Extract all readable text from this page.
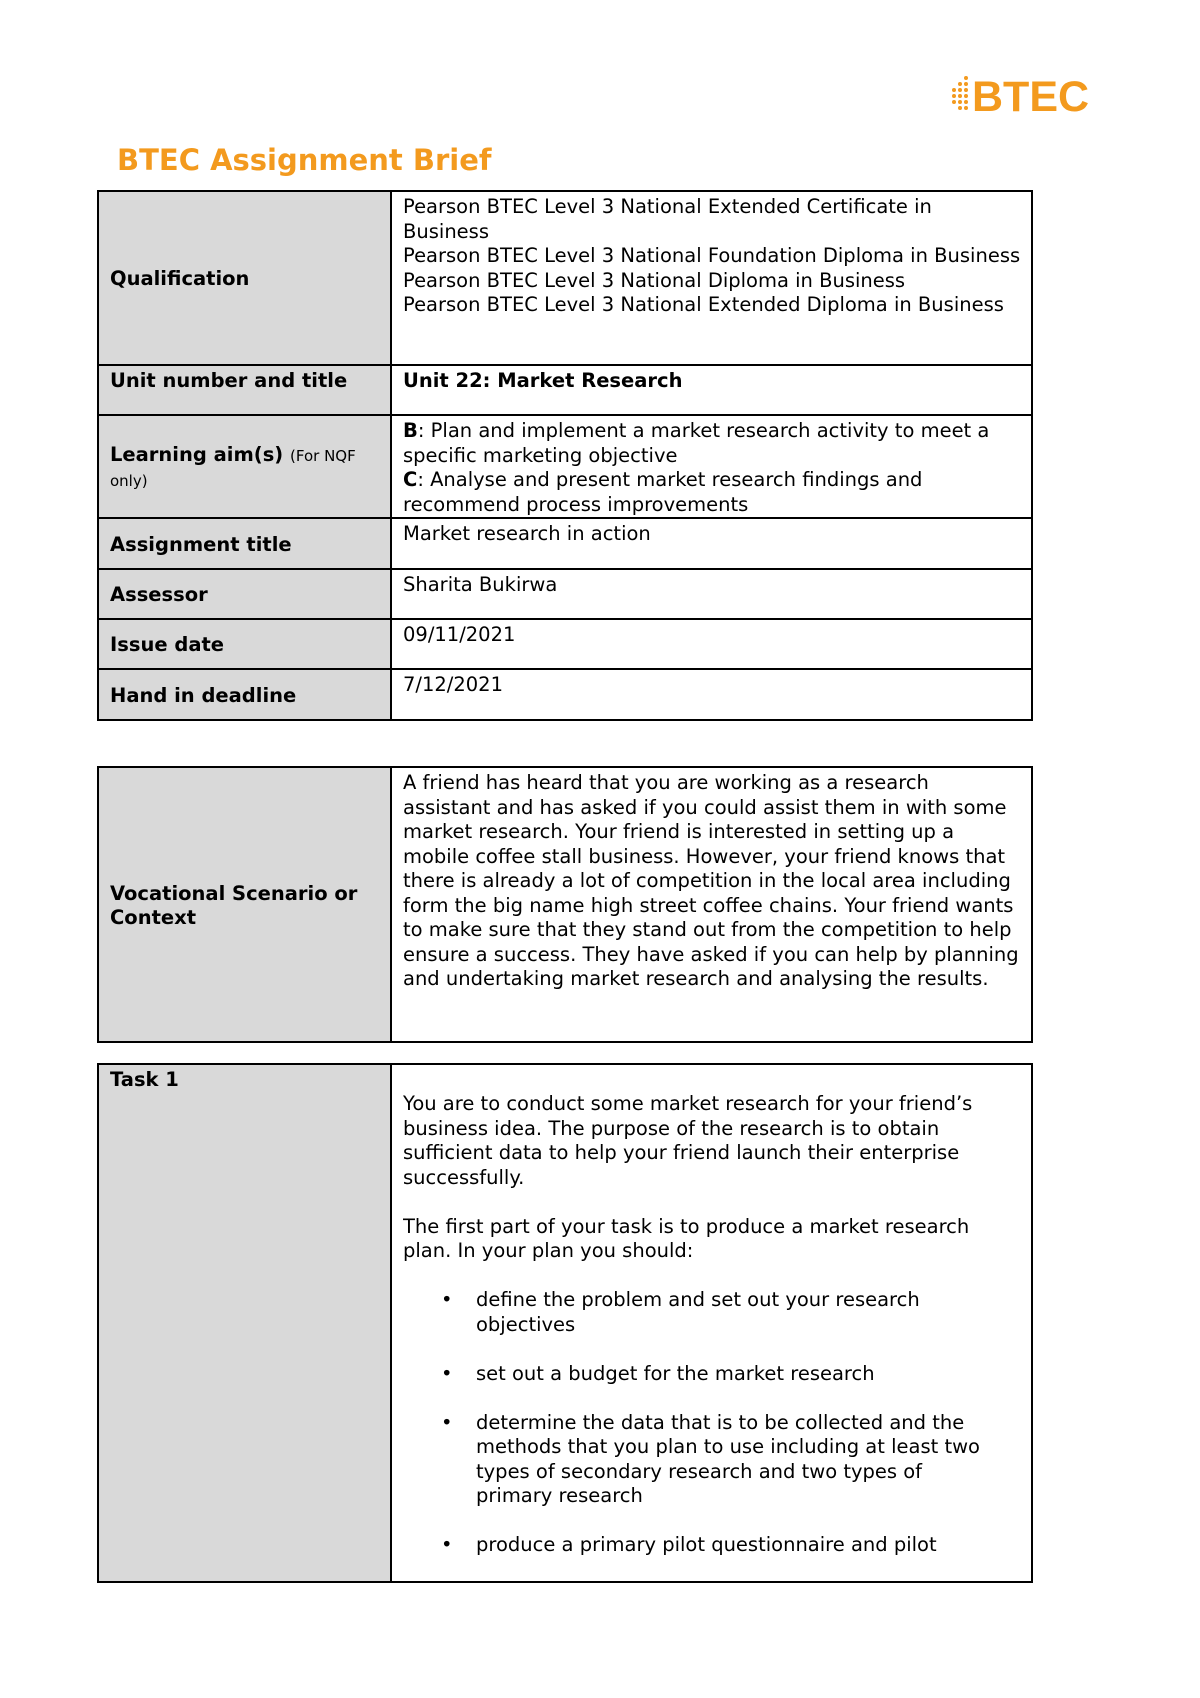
BTEC
BTEC Assignment Brief
Qualification	Pearson BTEC Level 3 National Extended Certificate in Business
Pearson BTEC Level 3 National Foundation Diploma in Business
Pearson BTEC Level 3 National Diploma in Business
Pearson BTEC Level 3 National Extended Diploma in Business

Unit number and title	Unit 22: Market Research
Learning aim(s) (For NQF only)	B: Plan and implement a market research activity to meet a specific marketing objective
C: Analyse and present market research findings and recommend process improvements

Assignment title	Market research in action
Assessor	Sharita Bukirwa
Issue date	09/11/2021
Hand in deadline	7/12/2021
Vocational Scenario or Context	A friend has heard that you are working as a research assistant and has asked if you could assist them in with some market research. Your friend is interested in setting up a mobile coffee stall business. However, your friend knows that there is already a lot of competition in the local area including form the big name high street coffee chains. Your friend wants to make sure that they stand out from the competition to help ensure a success. They have asked if you can help by planning and undertaking market research and analysing the results.
Task 1	
You are to conduct some market research for your friend’s business idea. The purpose of the research is to obtain sufficient data to help your friend launch their enterprise successfully.
The first part of your task is to produce a market research plan. In your plan you should:
• define the problem and set out your research objectives
• set out a budget for the market research
• determine the data that is to be collected and the methods that you plan to use including at least two types of secondary research and two types of primary research
• produce a primary pilot questionnaire and pilot
